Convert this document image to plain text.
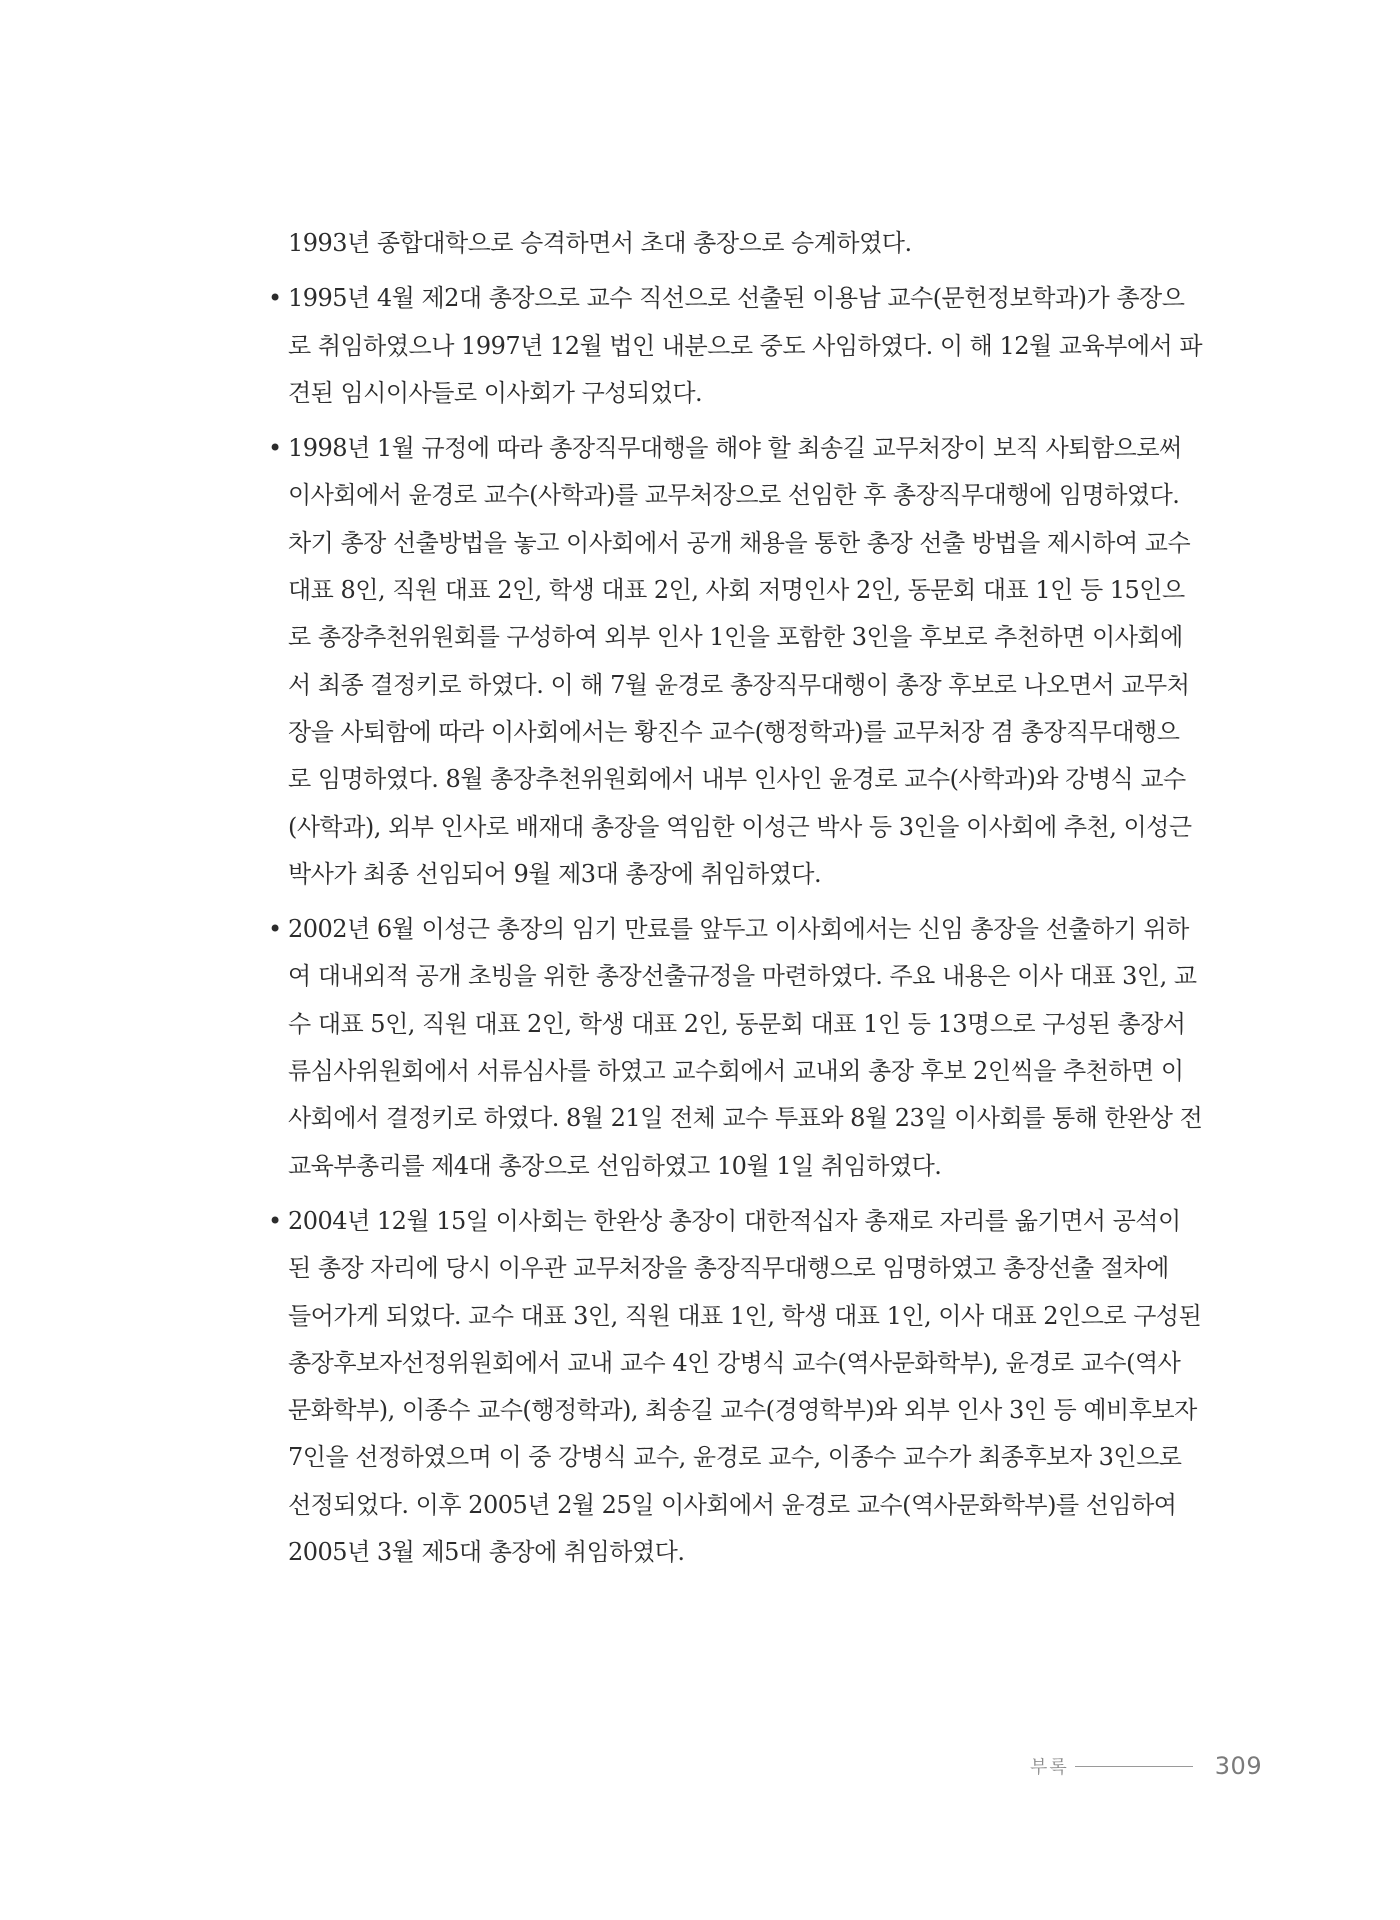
1993년 종합대학으로 승격하면서 초대 총장으로 승계하였다.
• 1995년 4월 제2대 총장으로 교수 직선으로 선출된 이용남 교수(문헌정보학과)가 총장으
로 취임하였으나 1997년 12월 법인 내분으로 중도 사임하였다. 이 해 12월 교육부에서 파
견된 임시이사들로 이사회가 구성되었다.
• 1998년 1월 규정에 따라 총장직무대행을 해야 할 최송길 교무처장이 보직 사퇴함으로써
이사회에서 윤경로 교수(사학과)를 교무처장으로 선임한 후 총장직무대행에 임명하였다.
차기 총장 선출방법을 놓고 이사회에서 공개 채용을 통한 총장 선출 방법을 제시하여 교수
대표 8인, 직원 대표 2인, 학생 대표 2인, 사회 저명인사 2인, 동문회 대표 1인 등 15인으
로 총장추천위원회를 구성하여 외부 인사 1인을 포함한 3인을 후보로 추천하면 이사회에
서 최종 결정키로 하였다. 이 해 7월 윤경로 총장직무대행이 총장 후보로 나오면서 교무처
장을 사퇴함에 따라 이사회에서는 황진수 교수(행정학과)를 교무처장 겸 총장직무대행으
로 임명하였다. 8월 총장추천위원회에서 내부 인사인 윤경로 교수(사학과)와 강병식 교수
(사학과), 외부 인사로 배재대 총장을 역임한 이성근 박사 등 3인을 이사회에 추천, 이성근
박사가 최종 선임되어 9월 제3대 총장에 취임하였다.
• 2002년 6월 이성근 총장의 임기 만료를 앞두고 이사회에서는 신임 총장을 선출하기 위하
여 대내외적 공개 초빙을 위한 총장선출규정을 마련하였다. 주요 내용은 이사 대표 3인, 교
수 대표 5인, 직원 대표 2인, 학생 대표 2인, 동문회 대표 1인 등 13명으로 구성된 총장서
류심사위원회에서 서류심사를 하였고 교수회에서 교내외 총장 후보 2인씩을 추천하면 이
사회에서 결정키로 하였다. 8월 21일 전체 교수 투표와 8월 23일 이사회를 통해 한완상 전
교육부총리를 제4대 총장으로 선임하였고 10월 1일 취임하였다.
• 2004년 12월 15일 이사회는 한완상 총장이 대한적십자 총재로 자리를 옮기면서 공석이
된 총장 자리에 당시 이우관 교무처장을 총장직무대행으로 임명하였고 총장선출 절차에
들어가게 되었다. 교수 대표 3인, 직원 대표 1인, 학생 대표 1인, 이사 대표 2인으로 구성된
총장후보자선정위원회에서 교내 교수 4인 강병식 교수(역사문화학부), 윤경로 교수(역사
문화학부), 이종수 교수(행정학과), 최송길 교수(경영학부)와 외부 인사 3인 등 예비후보자
7인을 선정하였으며 이 중 강병식 교수, 윤경로 교수, 이종수 교수가 최종후보자 3인으로
선정되었다. 이후 2005년 2월 25일 이사회에서 윤경로 교수(역사문화학부)를 선임하여
2005년 3월 제5대 총장에 취임하였다.
부록	309
